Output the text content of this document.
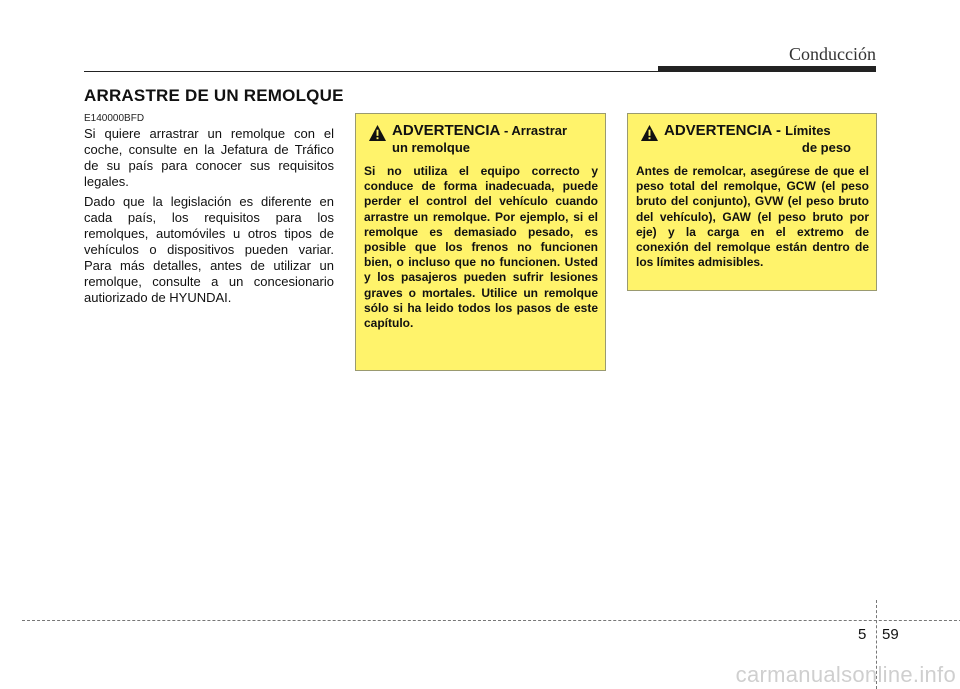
Conducción
ARRASTRE DE UN REMOLQUE
E140000BFD

Si quiere arrastrar un remolque con el coche, consulte en la Jefatura de Tráfico de su país para conocer sus requisitos legales.

Dado que la legislación es diferente en cada país, los requisitos para los remolques, automóviles u otros tipos de vehículos o dispositivos pueden variar. Para más detalles, antes de utilizar un remolque, consulte a un concesionario autiorizado de HYUNDAI.

ADVERTENCIA - Arrastrar
un remolque
Si no utiliza el equipo correcto y conduce de forma inadecuada, puede perder el control del vehículo cuando arrastre un remolque. Por ejemplo, si el remolque es demasiado pesado, es posible que los frenos no funcionen bien, o incluso que no funcionen. Usted y los pasajeros pueden sufrir lesiones graves o mortales. Utilice un remolque sólo si ha leido todos los pasos de este capítulo.
ADVERTENCIA - Límites
de peso
Antes de remolcar, asegúrese de que el peso total del remolque, GCW (el peso bruto del conjunto), GVW (el peso bruto del vehículo), GAW (el peso bruto por eje) y la carga en el extremo de conexión del remolque están dentro de los límites admisibles.
5 59
carmanualsonline.info
